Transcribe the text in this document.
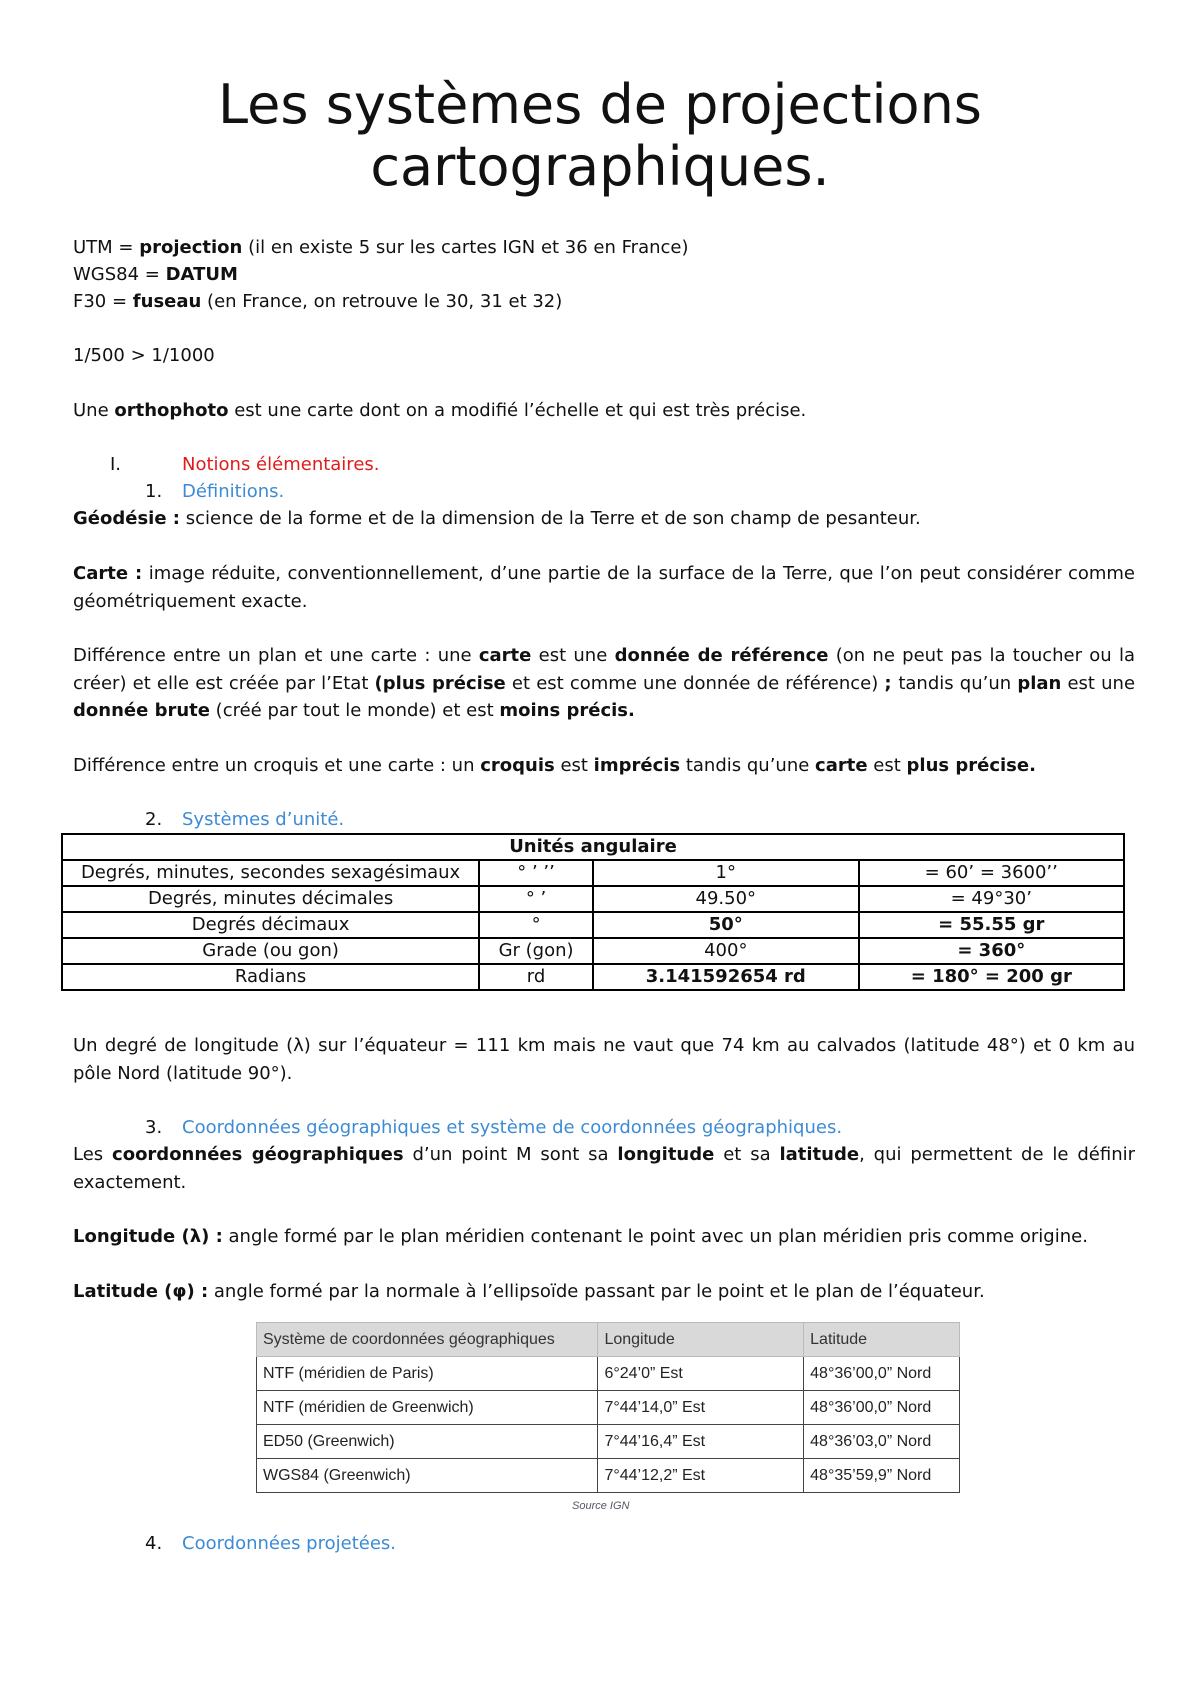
Les systèmes de projections
cartographiques.
UTM = projection (il en existe 5 sur les cartes IGN et 36 en France)
WGS84 = DATUM
F30 = fuseau (en France, on retrouve le 30, 31 et 32)
1/500 > 1/1000
Une orthophoto est une carte dont on a modifié l’échelle et qui est très précise.
I.	Notions élémentaires.
1. Définitions.
Géodésie : science de la forme et de la dimension de la Terre et de son champ de pesanteur.
Carte : image réduite, conventionnellement, d’une partie de la surface de la Terre, que l’on peut considérer comme géométriquement exacte.
Différence entre un plan et une carte : une carte est une donnée de référence (on ne peut pas la toucher ou la créer) et elle est créée par l’Etat (plus précise et est comme une donnée de référence) ; tandis qu’un plan est une donnée brute (créé par tout le monde) et est moins précis.
Différence entre un croquis et une carte : un croquis est imprécis tandis qu’une carte est plus précise.
2. Systèmes d’unité.
Unités angulaire			
Degrés, minutes, secondes sexagésimaux	° ’ ’’	1°	= 60’ = 3600’’
Degrés, minutes décimales	° ’	49.50°	= 49°30’
Degrés décimaux	°	50°	= 55.55 gr
Grade (ou gon)	Gr (gon)	400°	= 360°
Radians	rd	3.141592654 rd	= 180° = 200 gr
Un degré de longitude (λ) sur l’équateur = 111 km mais ne vaut que 74 km au calvados (latitude 48°) et 0 km au pôle Nord (latitude 90°).
3. Coordonnées géographiques et système de coordonnées géographiques.
Les coordonnées géographiques d’un point M sont sa longitude et sa latitude, qui permettent de le définir exactement.
Longitude (λ) : angle formé par le plan méridien contenant le point avec un plan méridien pris comme origine.
Latitude (φ) : angle formé par la normale à l’ellipsoïde passant par le point et le plan de l’équateur.
Système de coordonnées géographiques	Longitude	Latitude
NTF (méridien de Paris)	6°24’0” Est	48°36’00,0” Nord
NTF (méridien de Greenwich)	7°44’14,0” Est	48°36’00,0” Nord
ED50 (Greenwich)	7°44’16,4” Est	48°36’03,0” Nord
WGS84 (Greenwich)	7°44’12,2” Est	48°35’59,9” Nord
Source IGN
4. Coordonnées projetées.
